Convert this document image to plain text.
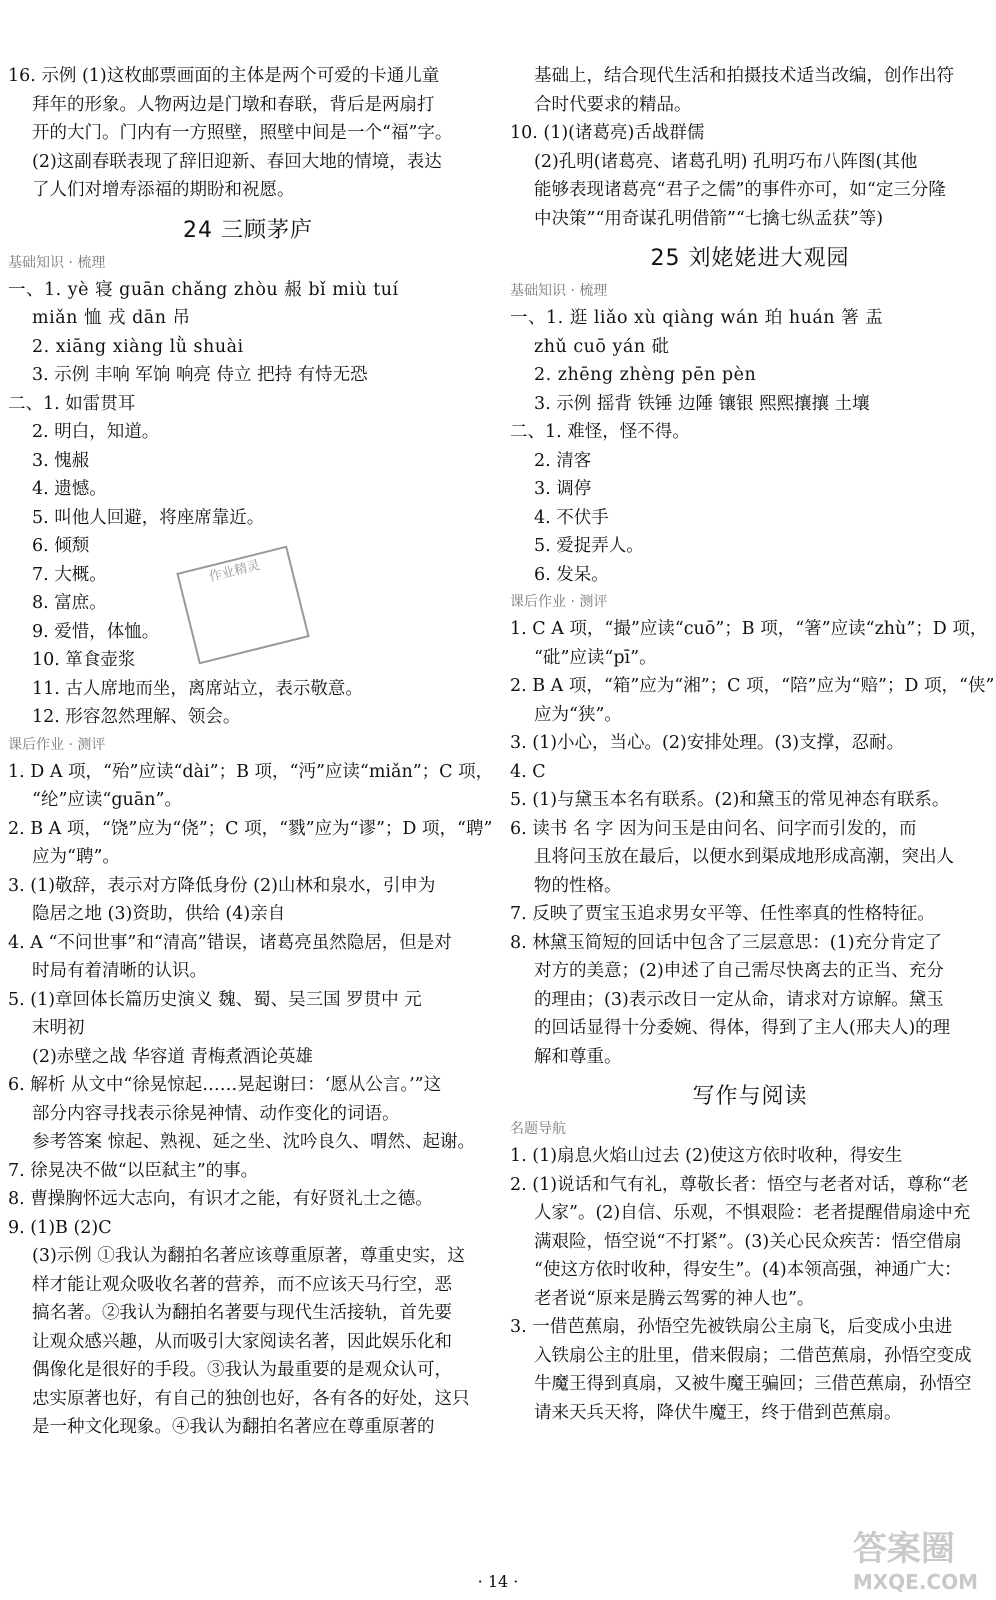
16. 示例 (1)这枚邮票画面的主体是两个可爱的卡通儿童
拜年的形象。人物两边是门墩和春联，背后是两扇打
开的大门。门内有一方照壁，照壁中间是一个“福”字。
(2)这副春联表现了辞旧迎新、春回大地的情境，表达
了人们对增寿添福的期盼和祝愿。
24 三顾茅庐
基础知识 · 梳理
一、1. yè 寝 guān chǎng zhòu 赧 bǐ miù tuí
miǎn 恤 戎 dān 吊
2. xiāng xiàng lǜ shuài
3. 示例 丰响 军饷 响亮 侍立 把持 有恃无恐
二、1. 如雷贯耳
2. 明白，知道。
3. 愧赧
4. 遗憾。
5. 叫他人回避，将座席靠近。
6. 倾颓
7. 大概。
8. 富庶。
9. 爱惜，体恤。
10. 箪食壶浆
11. 古人席地而坐，离席站立，表示敬意。
12. 形容忽然理解、领会。
课后作业 · 测评
1. D A 项，“殆”应读“dài”；B 项，“沔”应读“miǎn”；C 项，
“纶”应读“guān”。
2. B A 项，“饶”应为“侥”；C 项，“戮”应为“谬”；D 项，“聘”
应为“聘”。
3. (1)敬辞，表示对方降低身份 (2)山林和泉水，引申为
隐居之地 (3)资助，供给 (4)亲自
4. A “不问世事”和“清高”错误，诸葛亮虽然隐居，但是对
时局有着清晰的认识。
5. (1)章回体长篇历史演义 魏、蜀、吴三国 罗贯中 元
末明初
(2)赤壁之战 华容道 青梅煮酒论英雄
6. 解析 从文中“徐晃惊起……晃起谢曰：‘愿从公言。’”这
部分内容寻找表示徐晃神情、动作变化的词语。
参考答案 惊起、熟视、延之坐、沈吟良久、喟然、起谢。
7. 徐晃决不做“以臣弑主”的事。
8. 曹操胸怀远大志向，有识才之能，有好贤礼士之德。
9. (1)B (2)C
(3)示例 ①我认为翻拍名著应该尊重原著，尊重史实，这
样才能让观众吸收名著的营养，而不应该天马行空，恶
搞名著。②我认为翻拍名著要与现代生活接轨，首先要
让观众感兴趣，从而吸引大家阅读名著，因此娱乐化和
偶像化是很好的手段。③我认为最重要的是观众认可，
忠实原著也好，有自己的独创也好，各有各的好处，这只
是一种文化现象。④我认为翻拍名著应在尊重原著的
基础上，结合现代生活和拍摄技术适当改编，创作出符
合时代要求的精品。
10. (1)(诸葛亮)舌战群儒
(2)孔明(诸葛亮、诸葛孔明) 孔明巧布八阵图(其他
能够表现诸葛亮“君子之儒”的事件亦可，如“定三分隆
中决策”“用奇谋孔明借箭”“七擒七纵孟获”等)
25 刘姥姥进大观园
基础知识 · 梳理
一、1. 逛 liǎo xù qiàng wán 珀 huán 箸 盂
zhǔ cuō yán 砒
2. zhēng zhèng pēn pèn
3. 示例 摇背 铁锤 边陲 镶银 熙熙攘攘 土壤
二、1. 难怪，怪不得。
2. 清客
3. 调停
4. 不伏手
5. 爱捉弄人。
6. 发呆。
课后作业 · 测评
1. C A 项，“撮”应读“cuō”；B 项，“箸”应读“zhù”；D 项，
“砒”应读“pī”。
2. B A 项，“箱”应为“湘”；C 项，“陪”应为“赔”；D 项，“侠”
应为“狭”。
3. (1)小心，当心。(2)安排处理。(3)支撑，忍耐。
4. C
5. (1)与黛玉本名有联系。(2)和黛玉的常见神态有联系。
6. 读书 名 字 因为问玉是由问名、问字而引发的，而
且将问玉放在最后，以便水到渠成地形成高潮，突出人
物的性格。
7. 反映了贾宝玉追求男女平等、任性率真的性格特征。
8. 林黛玉简短的回话中包含了三层意思：(1)充分肯定了
对方的美意；(2)申述了自己需尽快离去的正当、充分
的理由；(3)表示改日一定从命，请求对方谅解。黛玉
的回话显得十分委婉、得体，得到了主人(邢夫人)的理
解和尊重。
写作与阅读
名题导航
1. (1)扇息火焰山过去 (2)使这方依时收种，得安生
2. (1)说话和气有礼，尊敬长者：悟空与老者对话，尊称“老
人家”。(2)自信、乐观，不惧艰险：老者提醒借扇途中充
满艰险，悟空说“不打紧”。(3)关心民众疾苦：悟空借扇
“使这方依时收种，得安生”。(4)本领高强，神通广大：
老者说“原来是腾云驾雾的神人也”。
3. 一借芭蕉扇，孙悟空先被铁扇公主扇飞，后变成小虫进
入铁扇公主的肚里，借来假扇；二借芭蕉扇，孙悟空变成
牛魔王得到真扇，又被牛魔王骗回；三借芭蕉扇，孙悟空
请来天兵天将，降伏牛魔王，终于借到芭蕉扇。
作业精灵
· 14 ·
答案圈
MXQE.COM
